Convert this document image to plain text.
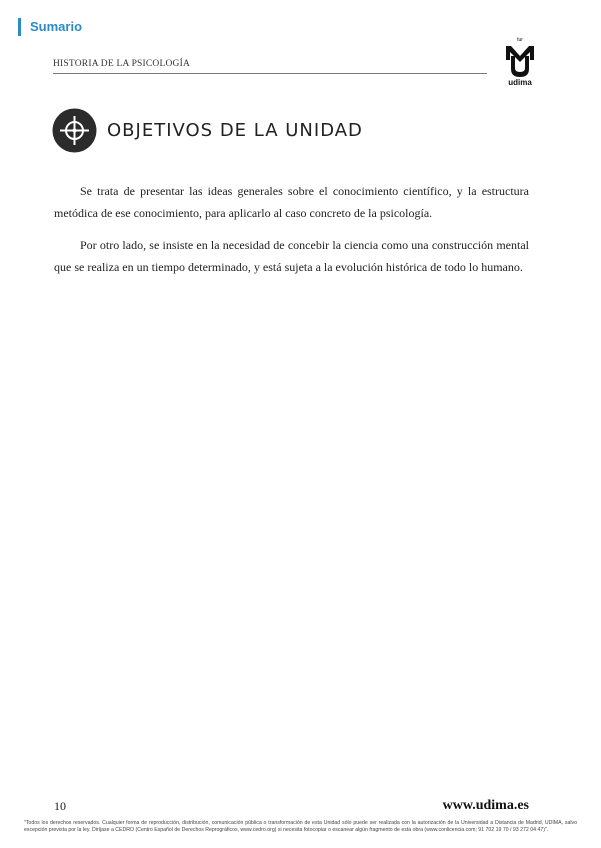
Sumario
HISTORIA DE LA PSICOLOGÍA
tur
udima
OBJETIVOS DE LA UNIDAD

Se trata de presentar las ideas generales sobre el conocimiento científico, y la estructura metódica de ese conocimiento, para aplicarlo al caso concreto de la psicología.

Por otro lado, se insiste en la necesidad de concebir la ciencia como una construcción mental que se realiza en un tiempo determinado, y está sujeta a la evolución histórica de todo lo humano.

10	www.udima.es
"Todos los derechos reservados. Cualquier forma de reproducción, distribución, comunicación pública o transformación de esta Unidad sólo puede ser realizada con la autorización de la Universidad a Distancia de Madrid, UDIMA, salvo excepción prevista por la ley. Diríjase a CEDRO (Centro Español de Derechos Reprográficos, www.cedro.org) si necesita fotocopiar o escanear algún fragmento de esta obra (www.conlicencia.com; 91 702 19 70 / 93 272 04 47)".
